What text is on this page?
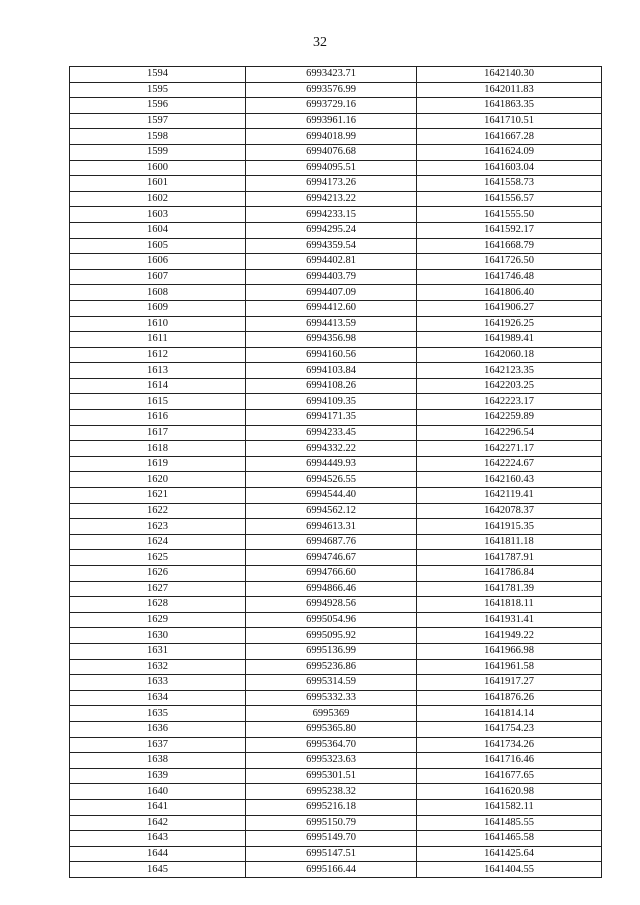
32
1594	6993423.71	1642140.30
1595	6993576.99	1642011.83
1596	6993729.16	1641863.35
1597	6993961.16	1641710.51
1598	6994018.99	1641667.28
1599	6994076.68	1641624.09
1600	6994095.51	1641603.04
1601	6994173.26	1641558.73
1602	6994213.22	1641556.57
1603	6994233.15	1641555.50
1604	6994295.24	1641592.17
1605	6994359.54	1641668.79
1606	6994402.81	1641726.50
1607	6994403.79	1641746.48
1608	6994407.09	1641806.40
1609	6994412.60	1641906.27
1610	6994413.59	1641926.25
1611	6994356.98	1641989.41
1612	6994160.56	1642060.18
1613	6994103.84	1642123.35
1614	6994108.26	1642203.25
1615	6994109.35	1642223.17
1616	6994171.35	1642259.89
1617	6994233.45	1642296.54
1618	6994332.22	1642271.17
1619	6994449.93	1642224.67
1620	6994526.55	1642160.43
1621	6994544.40	1642119.41
1622	6994562.12	1642078.37
1623	6994613.31	1641915.35
1624	6994687.76	1641811.18
1625	6994746.67	1641787.91
1626	6994766.60	1641786.84
1627	6994866.46	1641781.39
1628	6994928.56	1641818.11
1629	6995054.96	1641931.41
1630	6995095.92	1641949.22
1631	6995136.99	1641966.98
1632	6995236.86	1641961.58
1633	6995314.59	1641917.27
1634	6995332.33	1641876.26
1635	6995369	1641814.14
1636	6995365.80	1641754.23
1637	6995364.70	1641734.26
1638	6995323.63	1641716.46
1639	6995301.51	1641677.65
1640	6995238.32	1641620.98
1641	6995216.18	1641582.11
1642	6995150.79	1641485.55
1643	6995149.70	1641465.58
1644	6995147.51	1641425.64
1645	6995166.44	1641404.55
